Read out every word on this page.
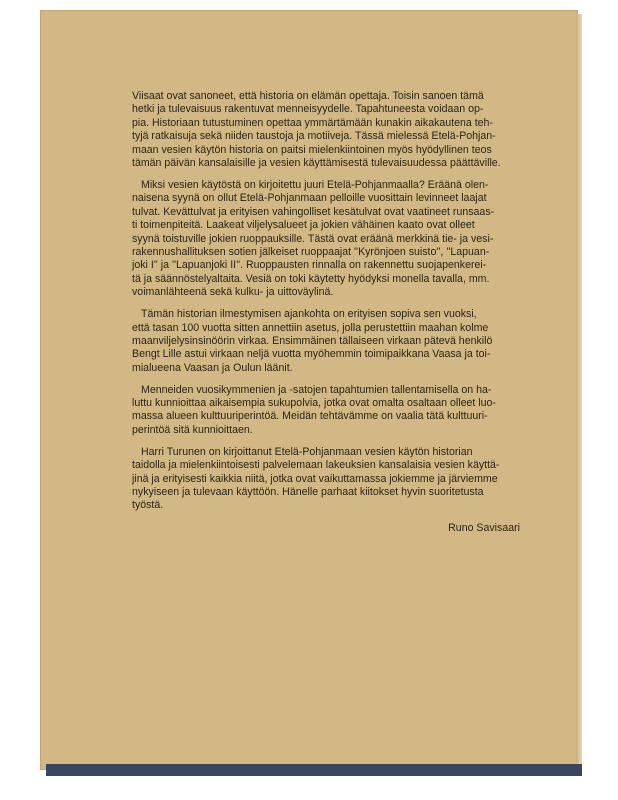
Viisaat ovat sanoneet, että historia on elämän opettaja. Toisin sanoen tämä
hetki ja tulevaisuus rakentuvat menneisyydelle. Tapahtuneesta voidaan op-
pia. Historiaan tutustuminen opettaa ymmärtämään kunakin aikakautena teh-
tyjä ratkaisuja sekä niiden taustoja ja motiiveja. Tässä mielessä Etelä-Pohjan-
maan vesien käytön historia on paitsi mielenkiintoinen myös hyödyllinen teos
tämän päivän kansalaisille ja vesien käyttämisestä tulevaisuudessa päättäville.
Miksi vesien käytöstä on kirjoitettu juuri Etelä-Pohjanmaalla? Eräänä olen-
naisena syynä on ollut Etelä-Pohjanmaan pelloille vuosittain levinneet laajat
tulvat. Kevättulvat ja erityisen vahingolliset kesätulvat ovat vaatineet runsaas-
ti toimenpiteitä. Laakeat viljelysalueet ja jokien vähäinen kaato ovat olleet
syynä toistuville jokien ruoppauksille. Tästä ovat eräänä merkkinä tie- ja vesi-
rakennushallituksen sotien jälkeiset ruoppaajat ''Kyrönjoen suisto'', ''Lapuan-
joki I'' ja ''Lapuanjoki II''. Ruoppausten rinnalla on rakennettu suojapenkerei-
tä ja säännöstelyaltaita. Vesiä on toki käytetty hyödyksi monella tavalla, mm.
voimanlähteenä sekä kulku- ja uittoväylinä.
Tämän historian ilmestymisen ajankohta on erityisen sopiva sen vuoksi,
että tasan 100 vuotta sitten annettiin asetus, jolla perustettiin maahan kolme
maanviljelysinsinöörin virkaa. Ensimmäinen tällaiseen virkaan pätevä henkilö
Bengt Lille astui virkaan neljä vuotta myöhemmin toimipaikkana Vaasa ja toi-
mialueena Vaasan ja Oulun läänit.
Menneiden vuosikymmenien ja -satojen tapahtumien tallentamisella on ha-
luttu kunnioittaa aikaisempia sukupolvia, jotka ovat omalta osaltaan olleet luo-
massa alueen kulttuuriperintöä. Meidän tehtävämme on vaalia tätä kulttuuri-
perintöä sitä kunnioittaen.
Harri Turunen on kirjoittanut Etelä-Pohjanmaan vesien käytön historian
taidolla ja mielenkiintoisesti palvelemaan lakeuksien kansalaisia vesien käyttä-
jinä ja erityisesti kaikkia niitä, jotka ovat vaikuttamassa jokiemme ja järviemme
nykyiseen ja tulevaan käyttöön. Hänelle parhaat kiitokset hyvin suoritetusta
työstä.
Runo Savisaari
